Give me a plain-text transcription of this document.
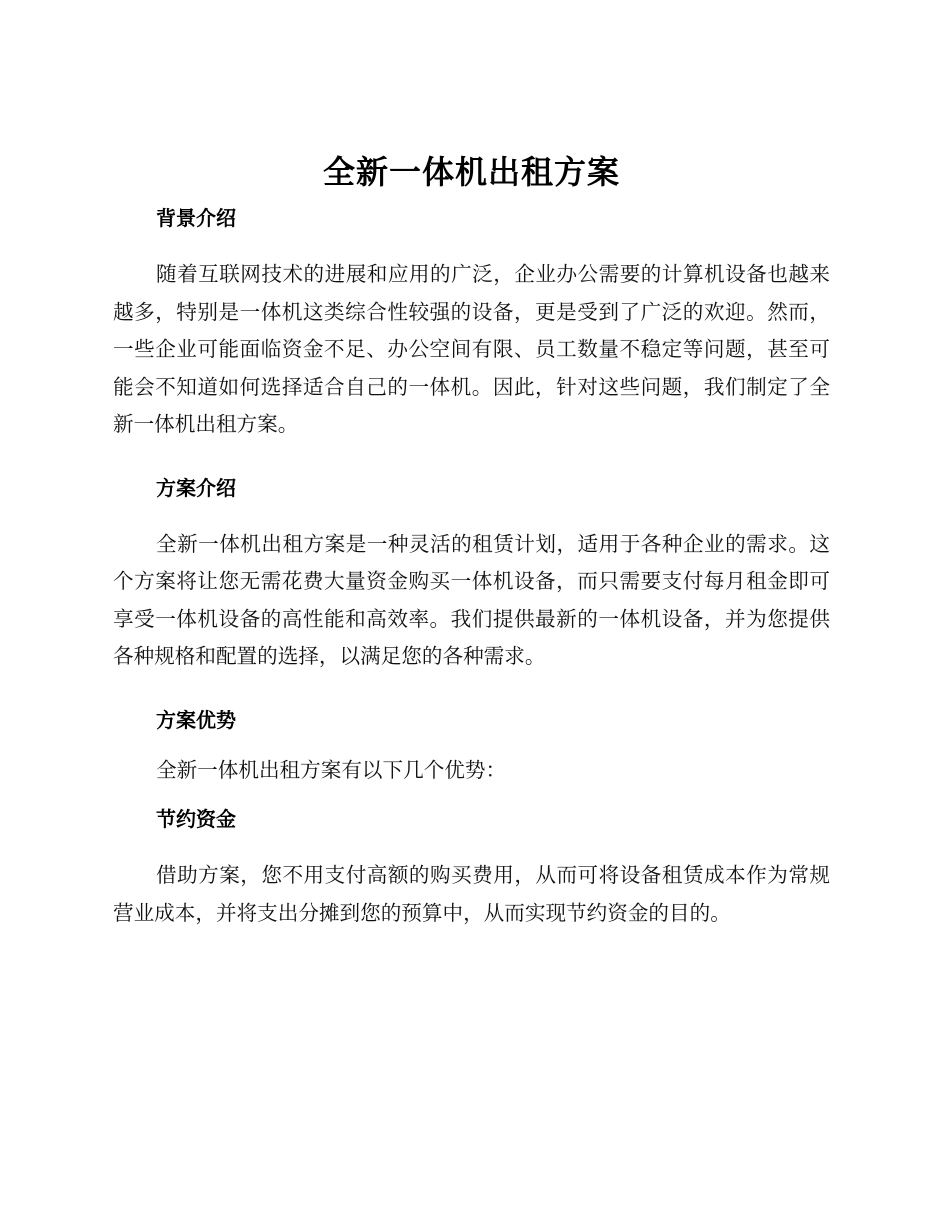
全新一体机出租方案
背景介绍

随着互联网技术的进展和应用的广泛，企业办公需要的计算机设备也越来越多，特别是一体机这类综合性较强的设备，更是受到了广泛的欢迎。然而，一些企业可能面临资金不足、办公空间有限、员工数量不稳定等问题，甚至可能会不知道如何选择适合自己的一体机。因此，针对这些问题，我们制定了全新一体机出租方案。

方案介绍

全新一体机出租方案是一种灵活的租赁计划，适用于各种企业的需求。这个方案将让您无需花费大量资金购买一体机设备，而只需要支付每月租金即可享受一体机设备的高性能和高效率。我们提供最新的一体机设备，并为您提供各种规格和配置的选择，以满足您的各种需求。

方案优势

全新一体机出租方案有以下几个优势：

节约资金

借助方案，您不用支付高额的购买费用，从而可将设备租赁成本作为常规营业成本，并将支出分摊到您的预算中，从而实现节约资金的目的。
